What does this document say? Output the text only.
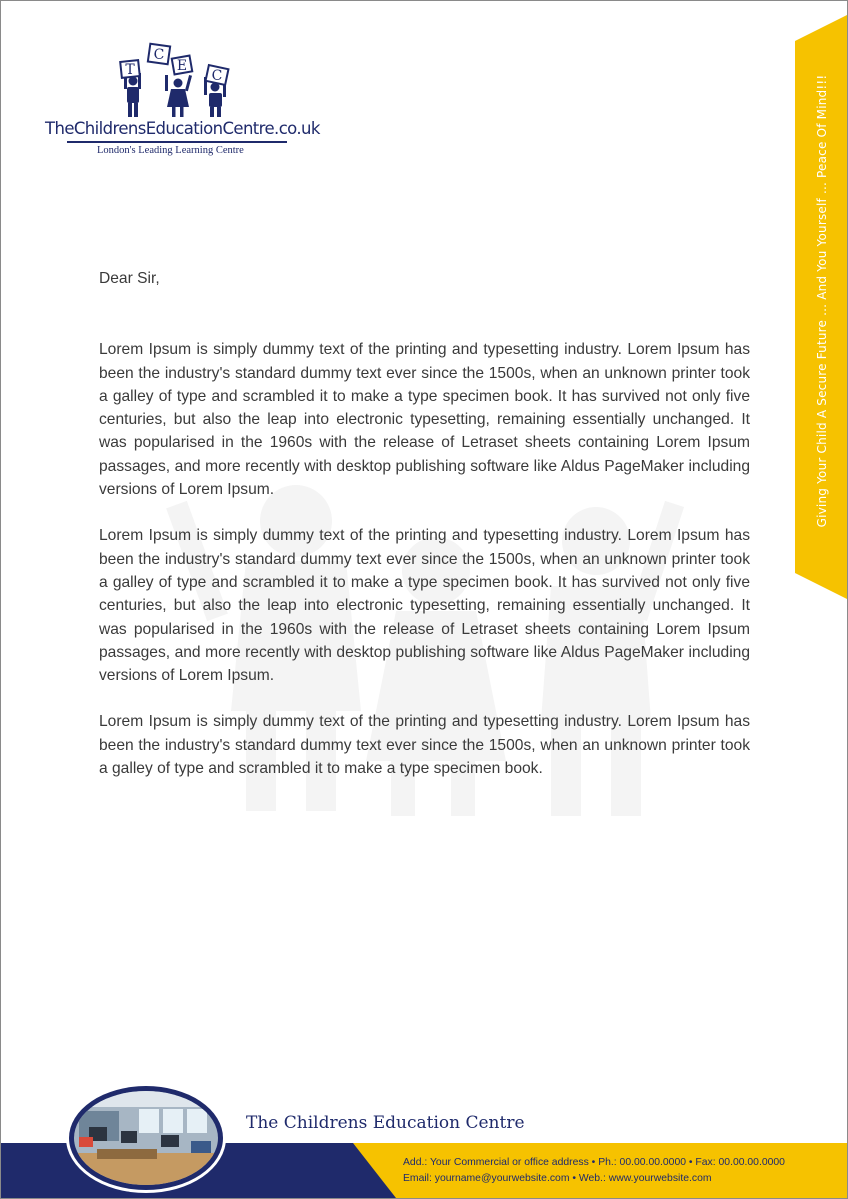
T
C
E
C
TheChildrensEducationCentre.co.uk
London's Leading Learning Centre	Giving Your Child A Secure Future ... And You Yourself ... Peace Of Mind!!!

Dear Sir,

Lorem Ipsum is simply dummy text of the printing and typesetting industry. Lorem Ipsum has been the industry's standard dummy text ever since the 1500s, when an unknown printer took a galley of type and scrambled it to make a type specimen book. It has survived not only five centuries, but also the leap into electronic typesetting, remaining essentially unchanged. It was popularised in the 1960s with the release of Letraset sheets containing Lorem Ipsum passages, and more recently with desktop publishing software like Aldus PageMaker including versions of Lorem Ipsum.

Lorem Ipsum is simply dummy text of the printing and typesetting industry. Lorem Ipsum has been the industry's standard dummy text ever since the 1500s, when an unknown printer took a galley of type and scrambled it to make a type specimen book. It has survived not only five centuries, but also the leap into electronic typesetting, remaining essentially unchanged. It was popularised in the 1960s with the release of Letraset sheets containing Lorem Ipsum passages, and more recently with desktop publishing software like Aldus PageMaker including versions of Lorem Ipsum.

Lorem Ipsum is simply dummy text of the printing and typesetting industry. Lorem Ipsum has been the industry's standard dummy text ever since the 1500s, when an unknown printer took a galley of type and scrambled it to make a type specimen book.

The Childrens Education Centre
Add.: Your Commercial or office address • Ph.: 00.00.00.0000 • Fax: 00.00.00.0000
Email: yourname@yourwebsite.com • Web.: www.yourwebsite.com
